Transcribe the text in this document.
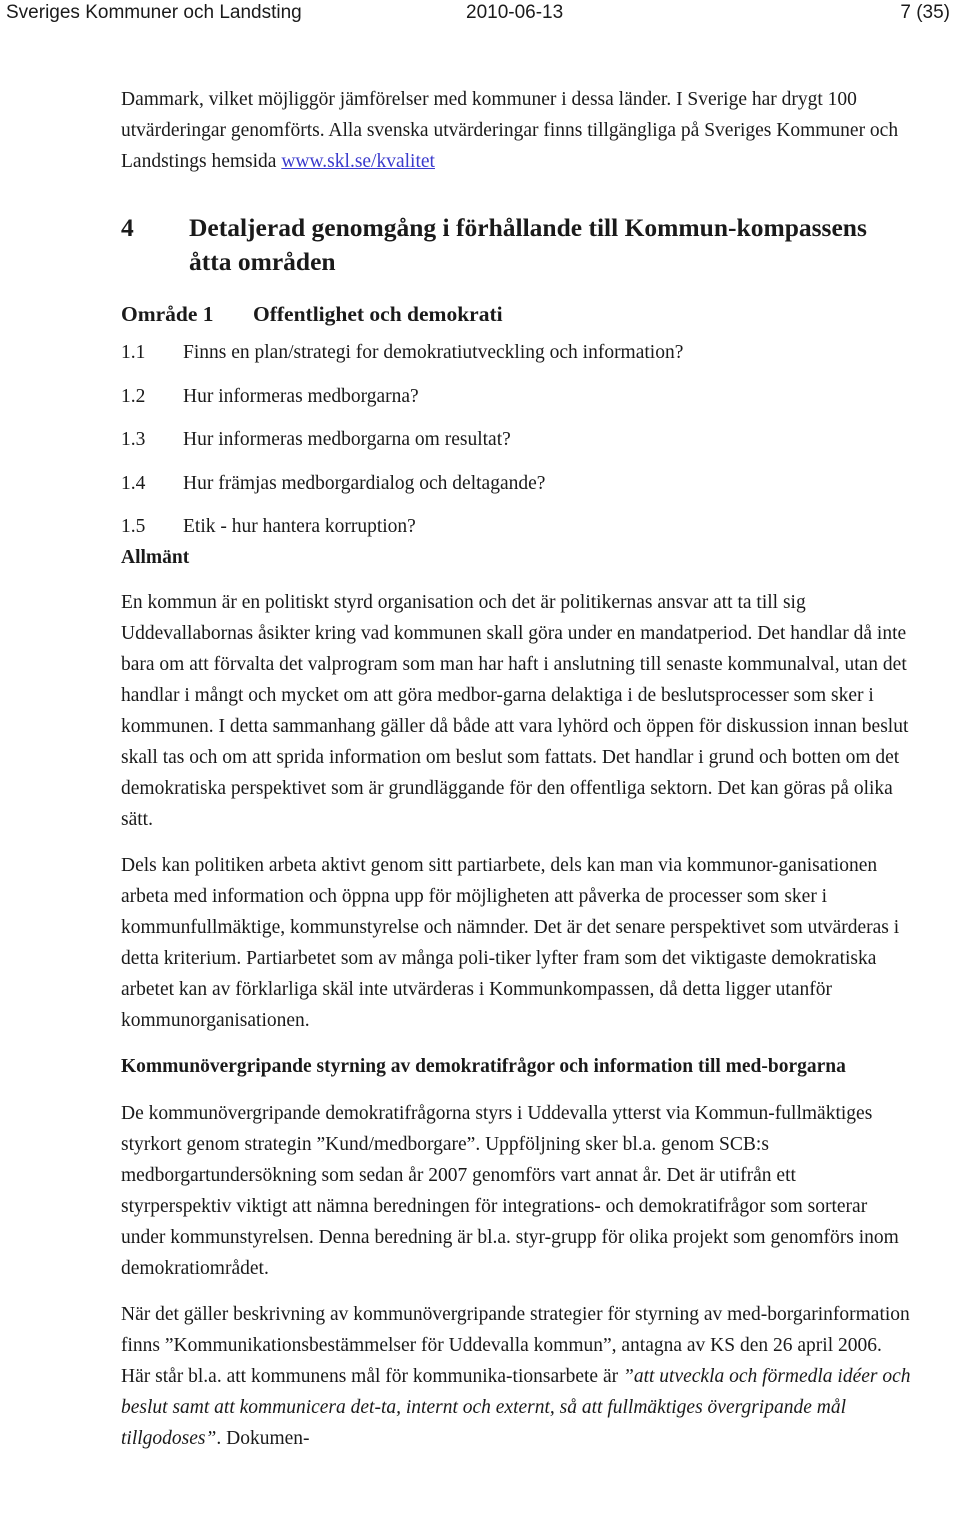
Sveriges Kommuner och Landsting	2010-06-13	7 (35)

Dammark, vilket möjliggör jämförelser med kommuner i dessa länder. I Sverige har drygt 100 utvärderingar genomförts. Alla svenska utvärderingar finns tillgängliga på Sveriges Kommuner och Landstings hemsida www.skl.se/kvalitet

4	Detaljerad genomgång i förhållande till Kommun-kompassens åtta områden
Område 1	Offentlighet och demokrati
1.1	Finns en plan/strategi for demokratiutveckling och information?
1.2	Hur informeras medborgarna?
1.3	Hur informeras medborgarna om resultat?
1.4	Hur främjas medborgardialog och deltagande?
1.5	Etik - hur hantera korruption?
Allmänt

En kommun är en politiskt styrd organisation och det är politikernas ansvar att ta till sig Uddevallabornas åsikter kring vad kommunen skall göra under en mandatperiod. Det handlar då inte bara om att förvalta det valprogram som man har haft i anslutning till senaste kommunalval, utan det handlar i mångt och mycket om att göra medbor-garna delaktiga i de beslutsprocesser som sker i kommunen. I detta sammanhang gäller då både att vara lyhörd och öppen för diskussion innan beslut skall tas och om att sprida information om beslut som fattats. Det handlar i grund och botten om det demokratiska perspektivet som är grundläggande för den offentliga sektorn. Det kan göras på olika sätt.

Dels kan politiken arbeta aktivt genom sitt partiarbete, dels kan man via kommunor-ganisationen arbeta med information och öppna upp för möjligheten att påverka de processer som sker i kommunfullmäktige, kommunstyrelse och nämnder. Det är det senare perspektivet som utvärderas i detta kriterium. Partiarbetet som av många poli-tiker lyfter fram som det viktigaste demokratiska arbetet kan av förklarliga skäl inte utvärderas i Kommunkompassen, då detta ligger utanför kommunorganisationen.

Kommunövergripande styrning av demokratifrågor och information till med-borgarna

De kommunövergripande demokratifrågorna styrs i Uddevalla ytterst via Kommun-fullmäktiges styrkort genom strategin ”Kund/medborgare”. Uppföljning sker bl.a. genom SCB:s medborgartundersökning som sedan år 2007 genomförs vart annat år. Det är utifrån ett styrperspektiv viktigt att nämna beredningen för integrations- och demokratifrågor som sorterar under kommunstyrelsen. Denna beredning är bl.a. styr-grupp för olika projekt som genomförs inom demokratiområdet.

När det gäller beskrivning av kommunövergripande strategier för styrning av med-borgarinformation finns ”Kommunikationsbestämmelser för Uddevalla kommun”, antagna av KS den 26 april 2006. Här står bl.a. att kommunens mål för kommunika-tionsarbete är ”att utveckla och förmedla idéer och beslut samt att kommunicera det-ta, internt och externt, så att fullmäktiges övergripande mål tillgodoses”. Dokumen-
